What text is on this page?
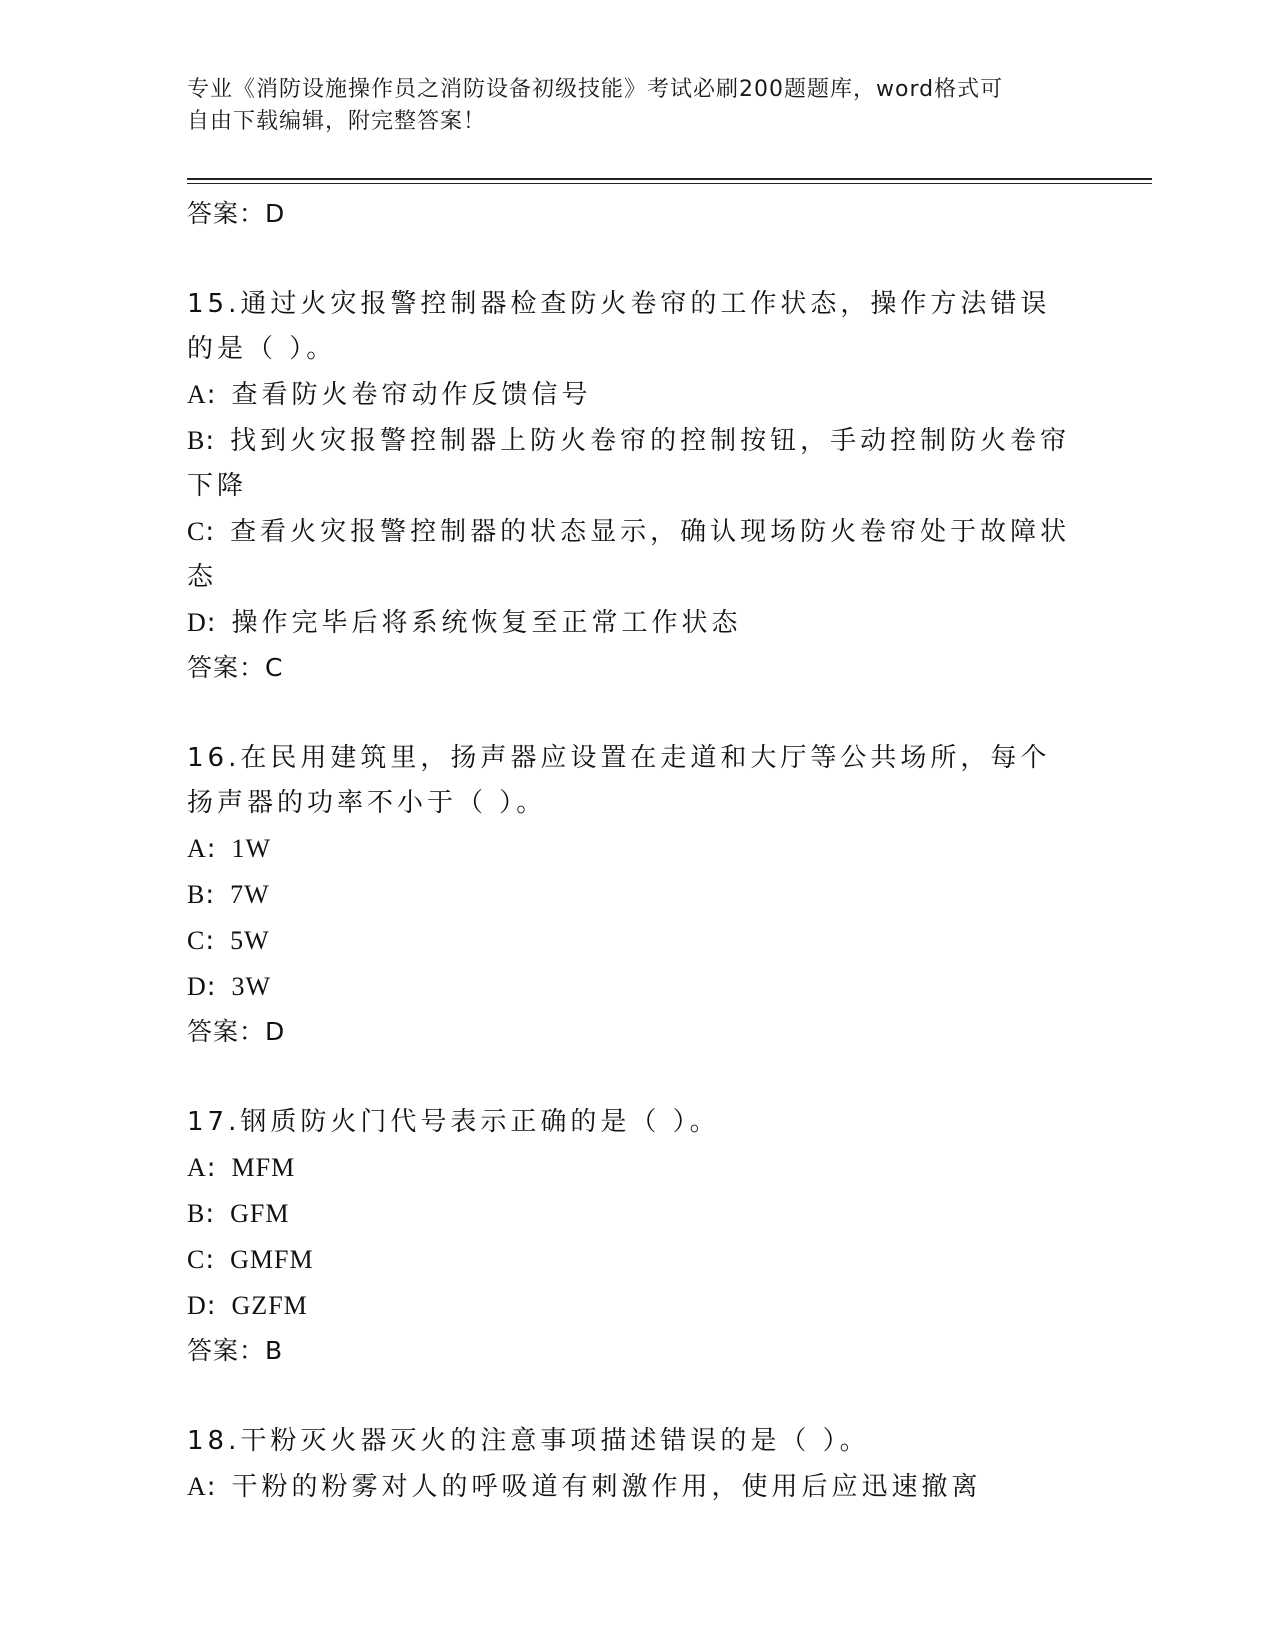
专业《消防设施操作员之消防设备初级技能》考试必刷200题题库，word格式可
自由下载编辑，附完整答案！

答案：D

15.通过火灾报警控制器检查防火卷帘的工作状态，操作方法错误的是（ ）。

A: 查看防火卷帘动作反馈信号

B: 找到火灾报警控制器上防火卷帘的控制按钮，手动控制防火卷帘下降

C: 查看火灾报警控制器的状态显示，确认现场防火卷帘处于故障状态

D: 操作完毕后将系统恢复至正常工作状态

答案：C

16.在民用建筑里，扬声器应设置在走道和大厅等公共场所，每个扬声器的功率不小于（ ）。

A: 1W

B: 7W

C: 5W

D: 3W

答案：D

17.钢质防火门代号表示正确的是（ ）。

A: MFM

B: GFM

C: GMFM

D: GZFM

答案：B

18.干粉灭火器灭火的注意事项描述错误的是（ ）。

A: 干粉的粉雾对人的呼吸道有刺激作用，使用后应迅速撤离
